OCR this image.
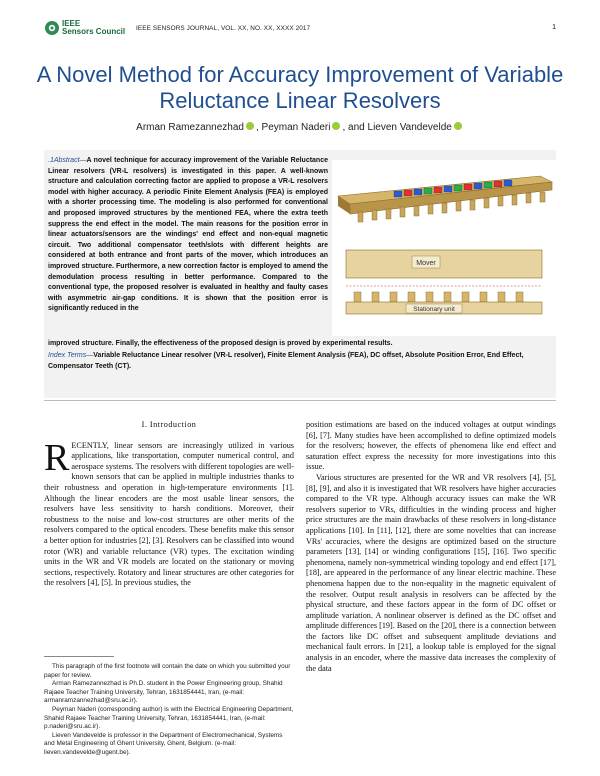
IEEE
Sensors Council IEEE SENSORS JOURNAL, VOL. XX, NO. XX, XXXX 2017	1
A Novel Method for Accuracy Improvement of Variable Reluctance Linear Resolvers
Arman Ramezannezhad , Peyman Naderi , and Lieven Vandevelde
.1Abstract—A novel technique for accuracy improvement of the Variable Reluctance Linear resolvers (VR-L resolvers) is investigated in this paper. A well-known structure and calculation correcting factor are applied to propose a VR-L resolvers model with higher accuracy. A periodic Finite Element Analysis (FEA) is employed with a shorter processing time. The modeling is also performed for conventional and proposed improved structures by the mentioned FEA, where the extra teeth suppress the end effect in the model. The main reasons for the position error in linear actuators/sensors are the windings' end effect and non-equal magnetic circuit. Two additional compensator teeth/slots with different heights are considered at both entrance and front parts of the mover, which introduces an improved structure. Furthermore, a new correction factor is employed to amend the demodulation process resulting in better performance. Compared to the conventional type, the proposed resolver is evaluated in healthy and faulty cases with asymmetric air-gap conditions. It is shown that the position error is significantly reduced in the
Mover
Stationary unit
improved structure. Finally, the effectiveness of the proposed design is proved by experimental results.
Index Terms—Variable Reluctance Linear resolver (VR-L resolver), Finite Element Analysis (FEA), DC offset, Absolute Position Error, End Effect, Compensator Teeth (CT).
I. Introduction
R ECENTLY, linear sensors are increasingly utilized in various applications, like transportation, computer numerical control, and aerospace systems. The resolvers with different topologies are well-known sensors that can be applied in multiple industries thanks to their robustness and operation in high-temperature environments [1]. Although the linear encoders are the most usable linear sensors, the resolvers have less sensitivity to harsh conditions. Moreover, their robustness to the noise and low-cost structures are other merits of the resolvers compared to the optical encoders. These benefits make this sensor a better option for industries [2], [3]. Resolvers can be classified into wound rotor (WR) and variable reluctance (VR) types. The excitation winding units in the WR and VR models are located on the stationary or moving sections, respectively. Rotatory and linear structures are other categories for the resolvers [4], [5]. In previous studies, the

This paragraph of the first footnote will contain the date on which you submitted your paper for review.

Arman Ramezannezhad is Ph.D. student in the Power Engineering group, Shahid Rajaee Teacher Training University, Tehran, 1631854441, Iran, (e-mail: armanramzannezhad@sru.ac.ir).

Peyman Naderi (corresponding author) is with the Electrical Engineering Department, Shahid Rajaee Teacher Training University, Tehran, 1631854441, Iran, (e-mail: p.naderi@sru.ac.ir).

Lieven Vandevelde is professor in the Department of Electromechanical, Systems and Metal Engineering of Ghent University, Ghent, Belgium. (e-mail: lieven.vandevelde@ugent.be).

position estimations are based on the induced voltages at output windings [6], [7]. Many studies have been accomplished to define optimized models for the resolvers; however, the effects of phenomena like end effect and saturation effect express the necessity for more investigations into this issue.
Various structures are presented for the WR and VR resolvers [4], [5], [8], [9], and also it is investigated that WR resolvers have higher accuracies compared to the VR type. Although accuracy issues can make the WR resolvers superior to VRs, difficulties in the winding process and higher price structures are the main drawbacks of these resolvers in long-distance applications [10]. In [11], [12], there are some novelties that can increase VRs' accuracies, where the designs are optimized based on the structure parameters [13], [14] or winding configurations [15], [16]. Two specific phenomena, namely non-symmetrical winding topology and end effect [17], [18], are appeared in the performance of any linear electric machine. These phenomena happen due to the non-equality in the magnetic equivalent of the resolver. Output result analysis in resolvers can be affected by the physical structure, and these factors appear in the form of DC offset or amplitude variation. A nonlinear observer is defined as the DC offset and amplitude differences [19]. Based on the [20], there is a connection between the factors like DC offset and subsequent amplitude deviations and mechanical fault errors. In [21], a lookup table is employed for the signal analysis in an encoder, where the massive data increases the complexity of the data
